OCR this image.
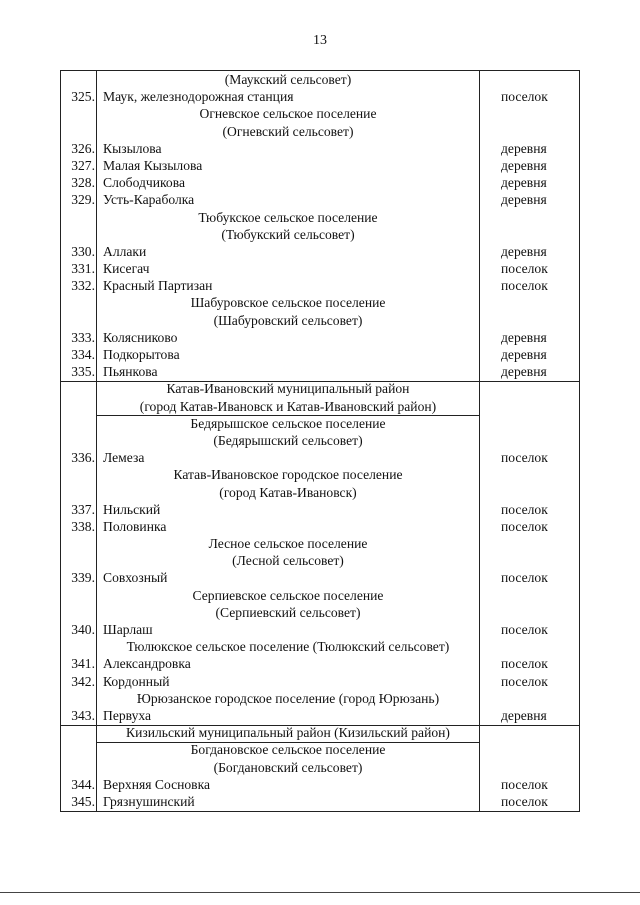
13
(Маукский сельсовет)
325. Маук, железнодорожная станция	поселок
Огневское сельское поселение
(Огневский сельсовет)
326. Кызылова	деревня
327. Малая Кызылова	деревня
328. Слободчикова	деревня
329. Усть-Караболка	деревня
Тюбукское сельское поселение
(Тюбукский сельсовет)
330. Аллаки	деревня
331. Кисегач	поселок
332. Красный Партизан	поселок
Шабуровское сельское поселение
(Шабуровский сельсовет)
333. Колясниково	деревня
334. Подкорытова	деревня
335. Пьянкова	деревня
Катав-Ивановский муниципальный район
(город Катав-Ивановск и Катав-Ивановский район)
Бедярышское сельское поселение
(Бедярышский сельсовет)
336. Лемеза	поселок
Катав-Ивановское городское поселение
(город Катав-Ивановск)
337. Нильский	поселок
338. Половинка	поселок
Лесное сельское поселение
(Лесной сельсовет)
339. Совхозный	поселок
Серпиевское сельское поселение
(Серпиевский сельсовет)
340. Шарлаш	поселок
Тюлюкское сельское поселение (Тюлюкский сельсовет)
341. Александровка	поселок
342. Кордонный	поселок
Юрюзанское городское поселение (город Юрюзань)
343. Первуха	деревня
Кизильский муниципальный район (Кизильский район)
Богдановское сельское поселение
(Богдановский сельсовет)
344. Верхняя Сосновка	поселок
345. Грязнушинский	поселок
